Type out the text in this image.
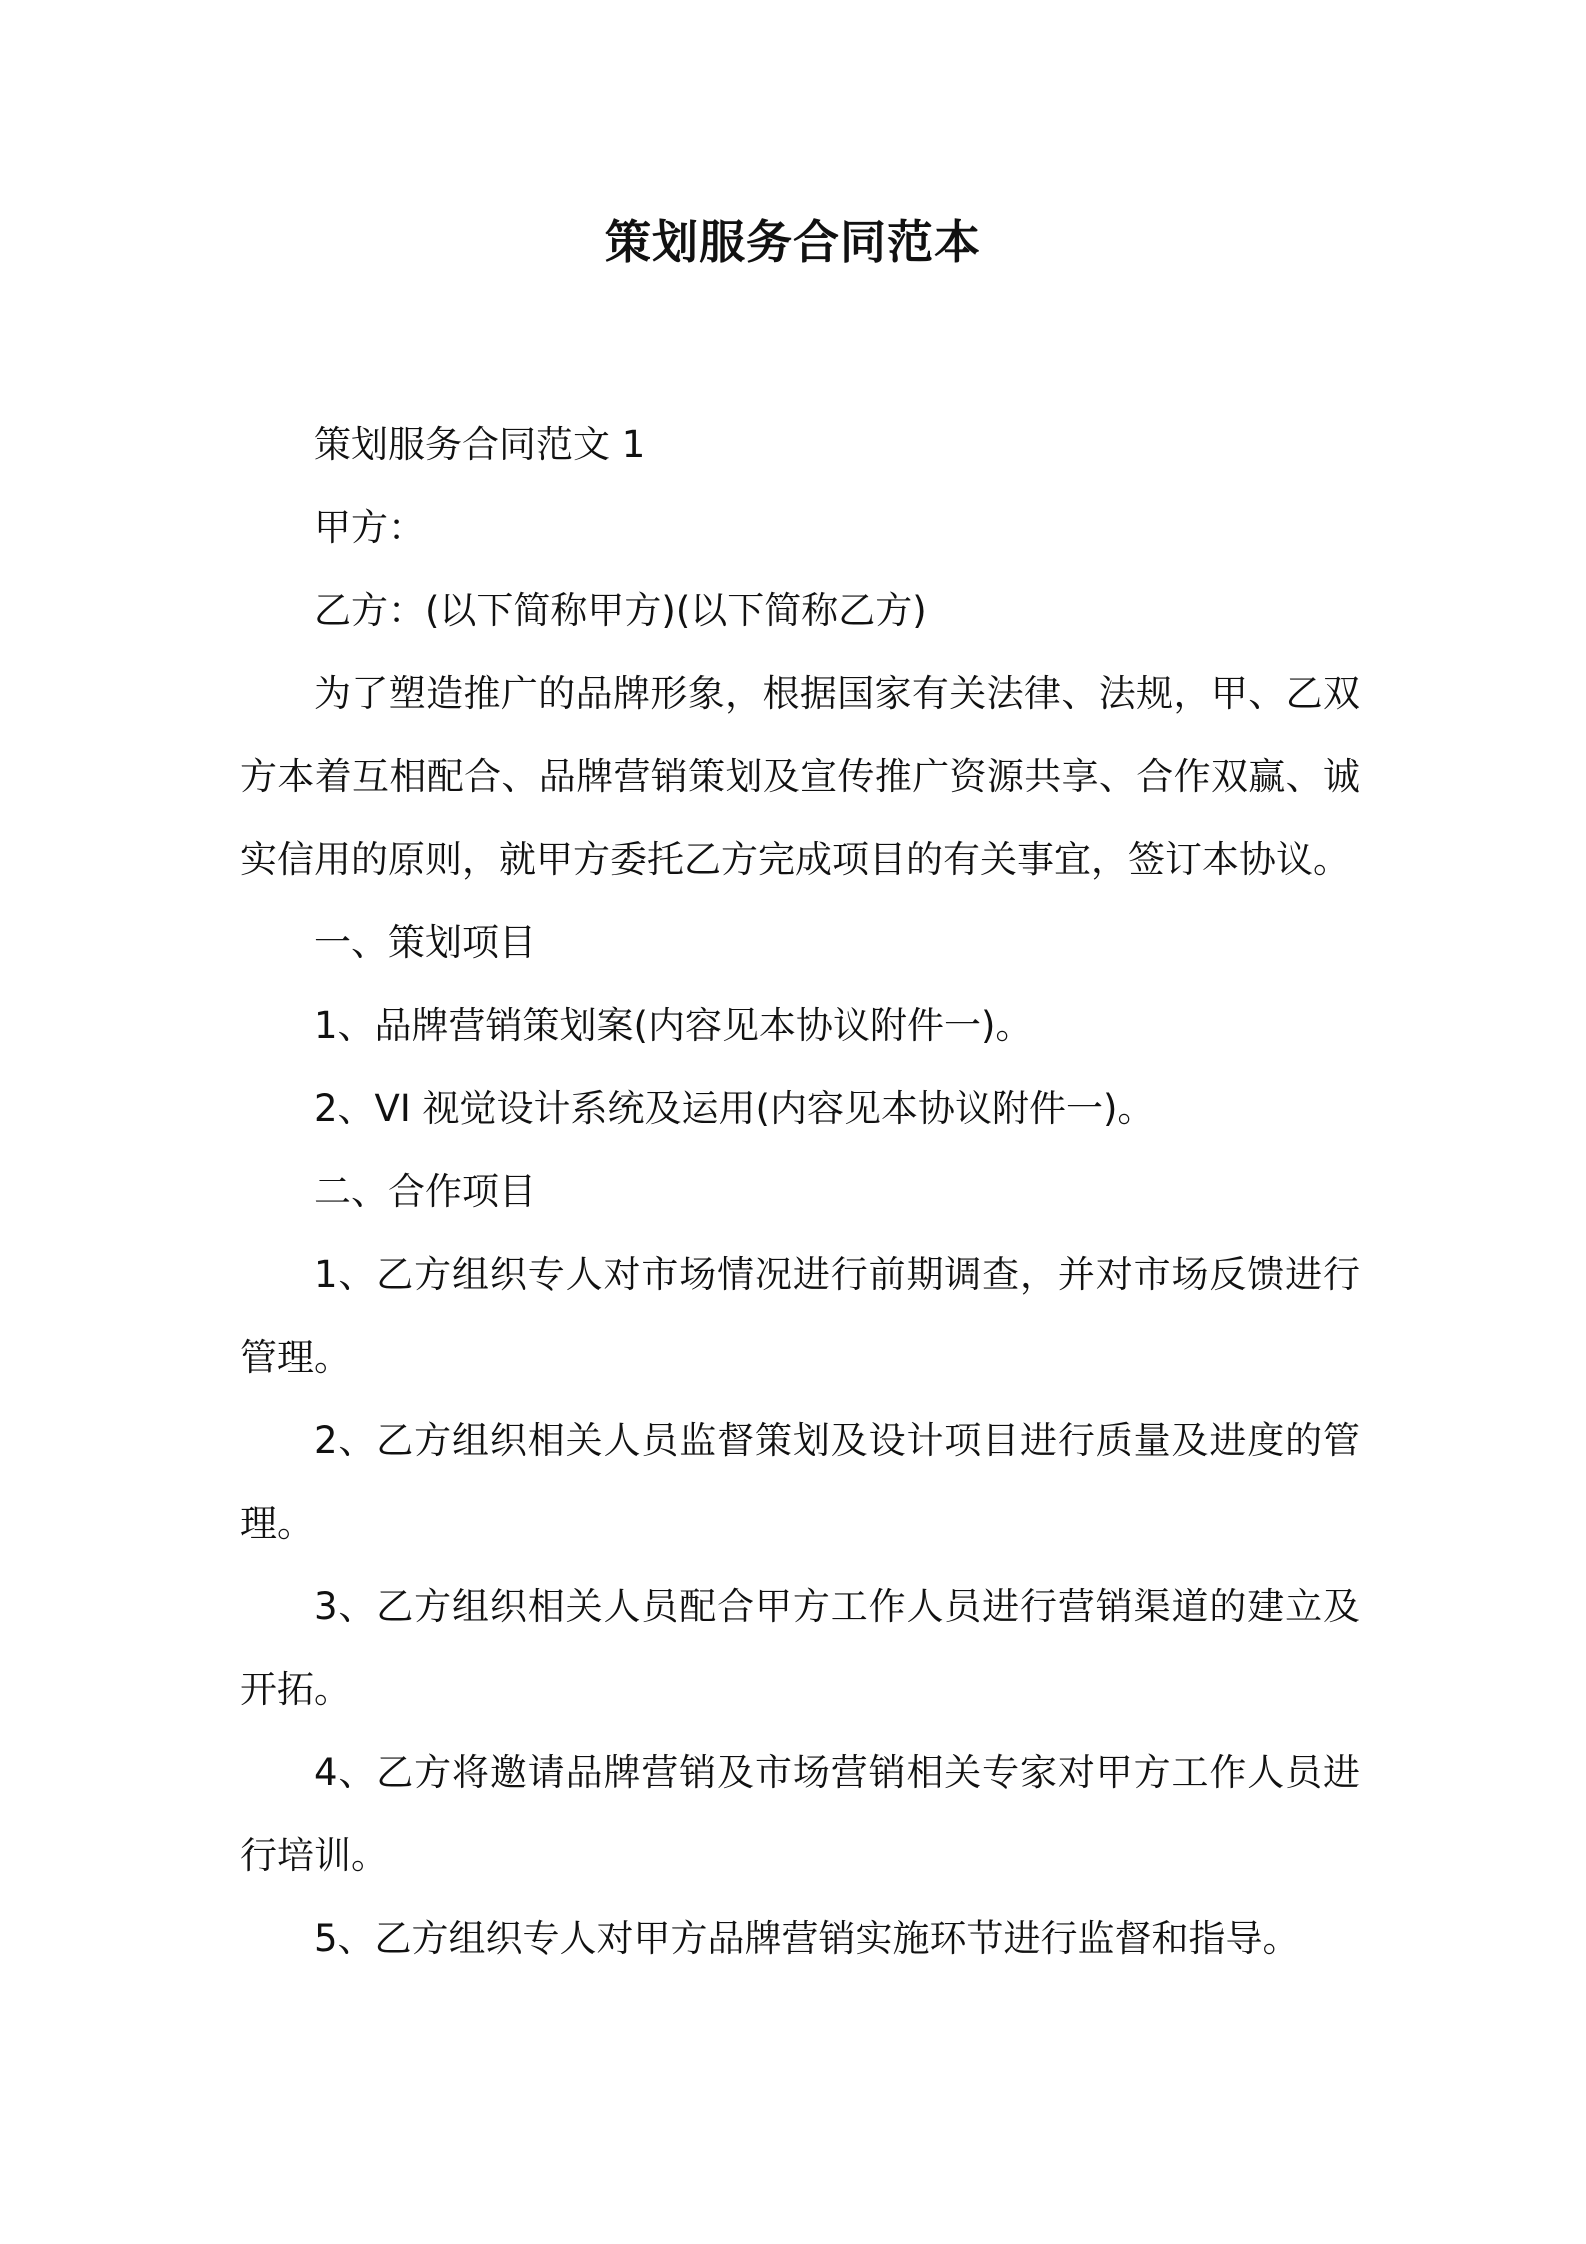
策划服务合同范本

策划服务合同范文 1

甲方：

乙方：(以下简称甲方)(以下简称乙方)

为了塑造推广的品牌形象，根据国家有关法律、法规，甲、乙双方本着互相配合、品牌营销策划及宣传推广资源共享、合作双赢、诚实信用的原则，就甲方委托乙方完成项目的有关事宜，签订本协议。

一、策划项目

1、品牌营销策划案(内容见本协议附件一)。

2、VI 视觉设计系统及运用(内容见本协议附件一)。

二、合作项目

1、乙方组织专人对市场情况进行前期调查，并对市场反馈进行管理。

2、乙方组织相关人员监督策划及设计项目进行质量及进度的管理。

3、乙方组织相关人员配合甲方工作人员进行营销渠道的建立及开拓。

4、乙方将邀请品牌营销及市场营销相关专家对甲方工作人员进行培训。

5、乙方组织专人对甲方品牌营销实施环节进行监督和指导。
